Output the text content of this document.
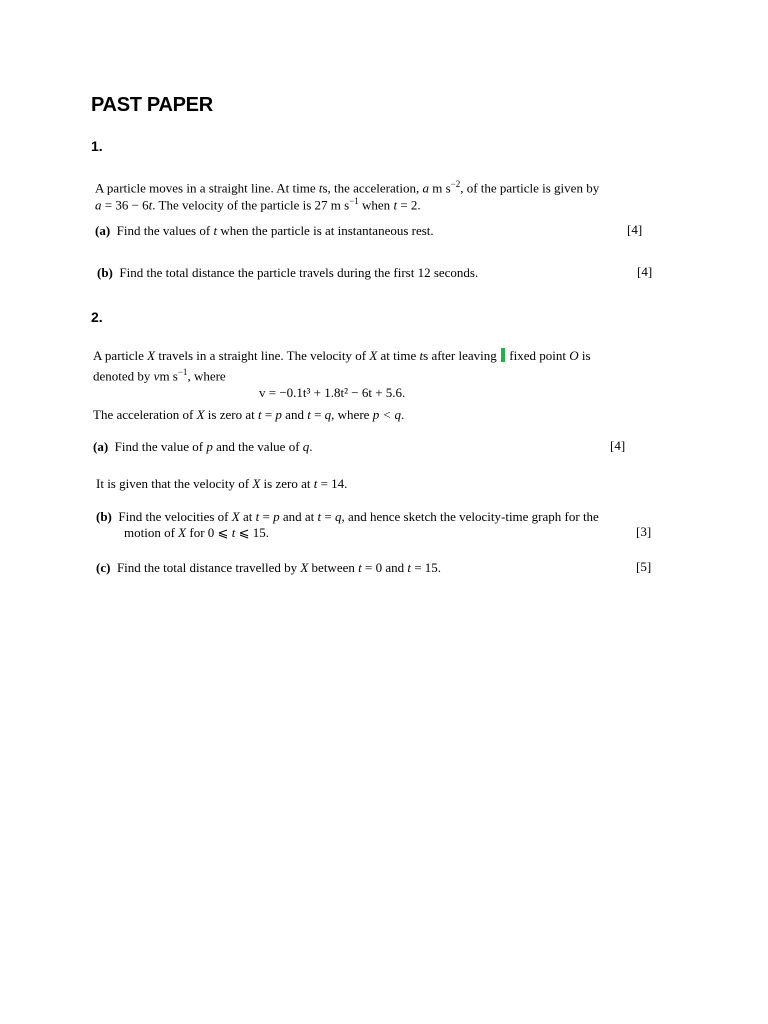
PAST PAPER
1.
A particle moves in a straight line. At time ts, the acceleration, a m $s^{-2}$, of the particle is given by
a = 36 − 6t. The velocity of the particle is 27 m $s^{-1}$ when t = 2.
(a) Find the values of t when the particle is at instantaneous rest.	[4]
(b) Find the total distance the particle travels during the first 12 seconds.	[4]
2.
A particle X travels in a straight line. The velocity of X at time ts after leaving  fixed point O is
denoted by vm $s^{-1}$, where
v = −0.1t³ + 1.8t² − 6t + 5.6.
The acceleration of X is zero at t = p and t = q, where p < q.
(a) Find the value of p and the value of q.	[4]
It is given that the velocity of X is zero at t = 14.
(b) Find the velocities of X at t = p and at t = q, and hence sketch the velocity-time graph for the
motion of X for 0 ⩽ t ⩽ 15.	[3]
(c) Find the total distance travelled by X between t = 0 and t = 15.	[5]
